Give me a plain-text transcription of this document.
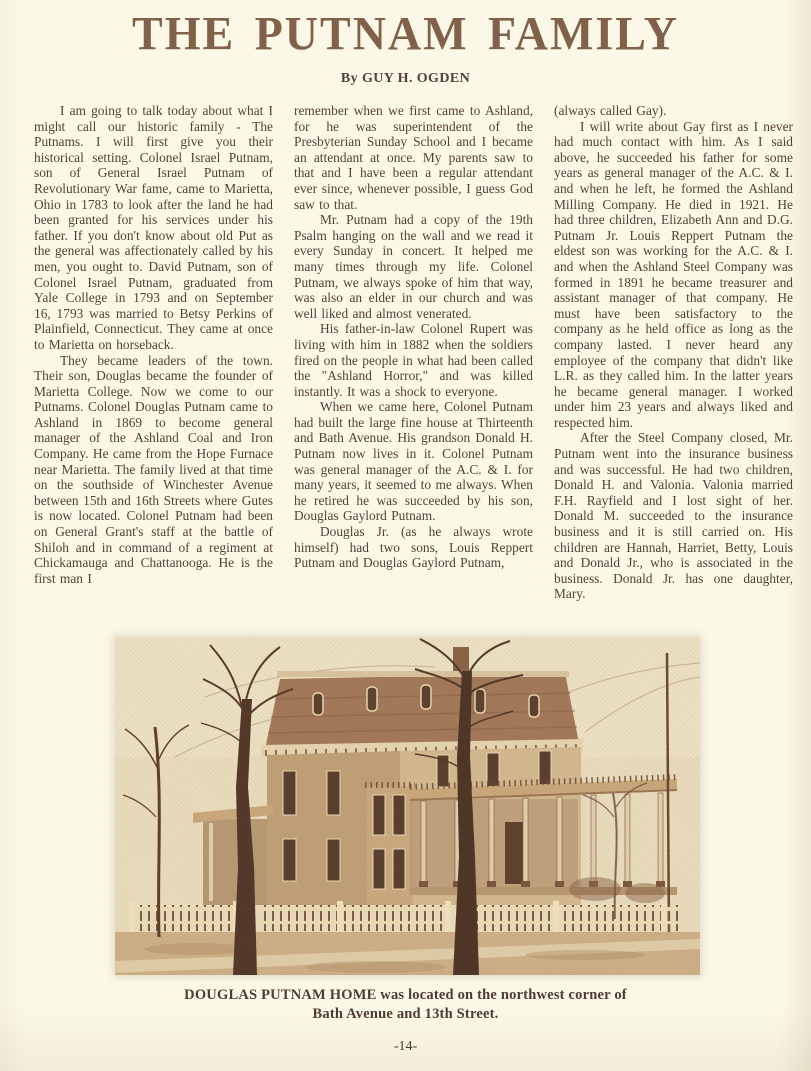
THE PUTNAM FAMILY
By GUY H. OGDEN

I am going to talk today about what I might call our historic family - The Putnams. I will first give you their historical setting. Colonel Israel Putnam, son of General Israel Putnam of Revolutionary War fame, came to Marietta, Ohio in 1783 to look after the land he had been granted for his services under his father. If you don't know about old Put as the general was affectionately called by his men, you ought to. David Putnam, son of Colonel Israel Putnam, graduated from Yale College in 1793 and on September 16, 1793 was married to Betsy Perkins of Plainfield, Connecticut. They came at once to Marietta on horseback.

They became leaders of the town. Their son, Douglas became the founder of Marietta College. Now we come to our Putnams. Colonel Douglas Putnam came to Ashland in 1869 to become general manager of the Ashland Coal and Iron Company. He came from the Hope Furnace near Marietta. The family lived at that time on the southside of Winchester Avenue between 15th and 16th Streets where Gutes is now located. Colonel Putnam had been on General Grant's staff at the battle of Shiloh and in command of a regiment at Chickamauga and Chattanooga. He is the first man I

remember when we first came to Ashland, for he was superintendent of the Presbyterian Sunday School and I became an attendant at once. My parents saw to that and I have been a regular attendant ever since, whenever possible, I guess God saw to that.

Mr. Putnam had a copy of the 19th Psalm hanging on the wall and we read it every Sunday in concert. It helped me many times through my life. Colonel Putnam, we always spoke of him that way, was also an elder in our church and was well liked and almost venerated.

His father-in-law Colonel Rupert was living with him in 1882 when the soldiers fired on the people in what had been called the "Ashland Horror," and was killed instantly. It was a shock to everyone.

When we came here, Colonel Putnam had built the large fine house at Thirteenth and Bath Avenue. His grandson Donald H. Putnam now lives in it. Colonel Putnam was general manager of the A.C. & I. for many years, it seemed to me always. When he retired he was succeeded by his son, Douglas Gaylord Putnam.

Douglas Jr. (as he always wrote himself) had two sons, Louis Reppert Putnam and Douglas Gaylord Putnam,

(always called Gay).

I will write about Gay first as I never had much contact with him. As I said above, he succeeded his father for some years as general manager of the A.C. & I. and when he left, he formed the Ashland Milling Company. He died in 1921. He had three children, Elizabeth Ann and D.G. Putnam Jr. Louis Reppert Putnam the eldest son was working for the A.C. & I. and when the Ashland Steel Company was formed in 1891 he became treasurer and assistant manager of that company. He must have been satisfactory to the company as he held office as long as the company lasted. I never heard any employee of the company that didn't like L.R. as they called him. In the latter years he became general manager. I worked under him 23 years and always liked and respected him.

After the Steel Company closed, Mr. Putnam went into the insurance business and was successful. He had two children, Donald H. and Valonia. Valonia married F.H. Rayfield and I lost sight of her. Donald M. succeeded to the insurance business and it is still carried on. His children are Hannah, Harriet, Betty, Louis and Donald Jr., who is associated in the business. Donald Jr. has one daughter, Mary.

DOUGLAS PUTNAM HOME was located on the northwest corner of
Bath Avenue and 13th Street.
-14-
